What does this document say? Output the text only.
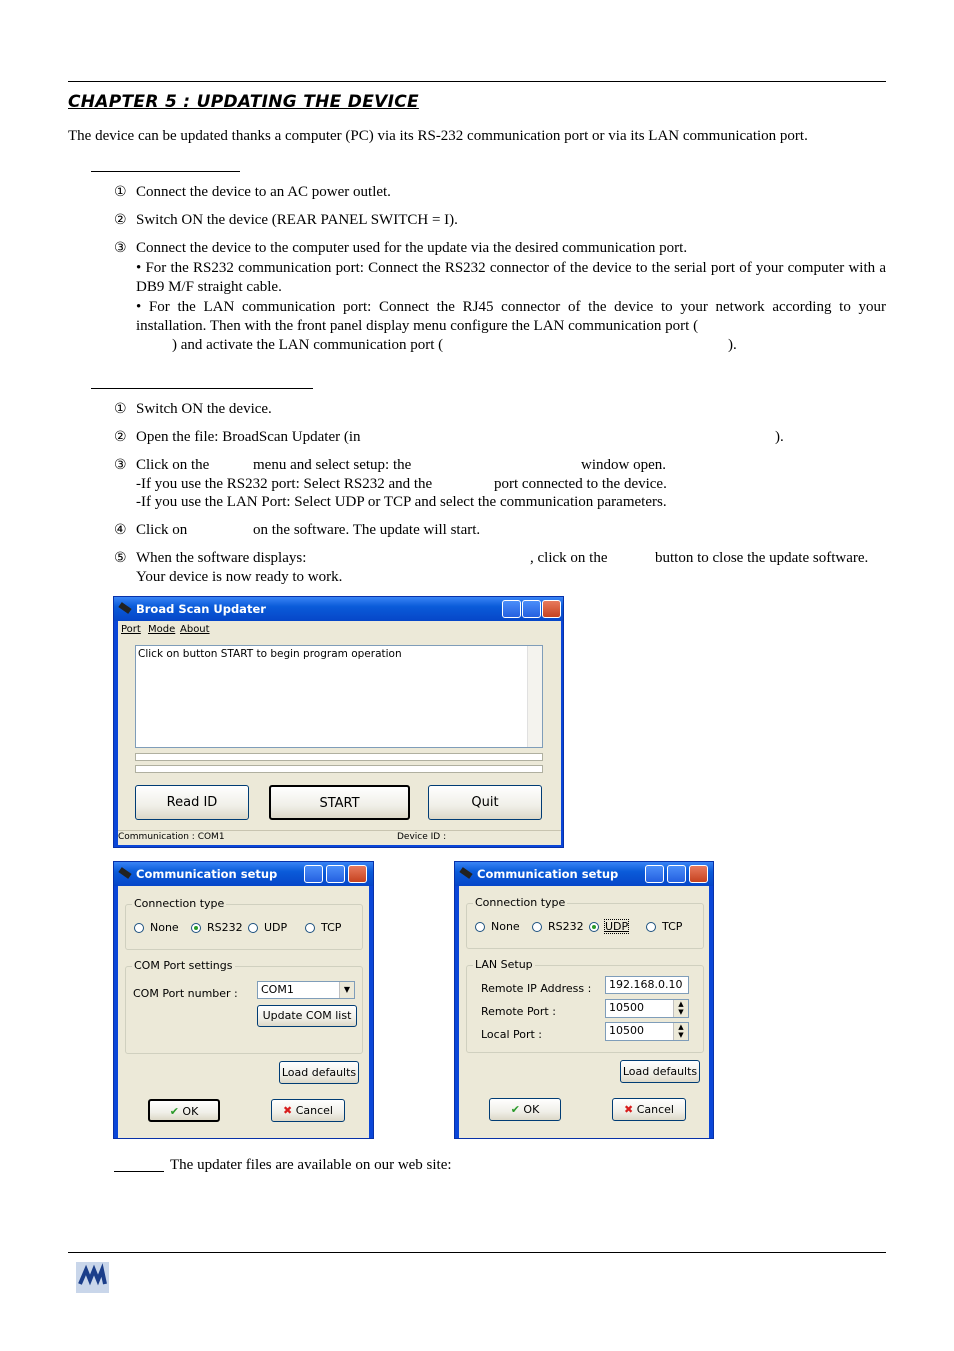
CHAPTER 5 : UPDATING THE DEVICE
The device can be updated thanks a computer (PC) via its RS-232 communication port or via its LAN communication port.
① Connect the device to an AC power outlet.
② Switch ON the device (REAR PANEL SWITCH = I).
③ Connect the device to the computer used for the update via the desired communication port.
• For the RS232 communication port: Connect the RS232 connector of the device to the serial port of your computer with a DB9 M/F straight cable.
• For the LAN communication port: Connect the RJ45 connector of the device to your network according to your installation. Then with the front panel display menu configure the LAN communication port (
) and activate the LAN communication port (	).
① Switch ON the device.
② Open the file: BroadScan Updater (in	).
③ Click on the	menu and select setup: the	window open.
-If you use the RS232 port: Select RS232 and the	port connected to the device.
-If you use the LAN Port: Select UDP or TCP and select the communication parameters.
④ Click on	on the software. The update will start.
⑤ When the software displays:	, click on the	button to close the update software.
Your device is now ready to work.
Broad Scan Updater
Port Mode About
Click on button START to begin program operation
Read ID	START	Quit
Communication : COM1	Device ID :
Communication setup
Connection type
None	RS232 UDP	TCP
COM Port settings
COM Port number :	COM1	▼
Update COM list
Load defaults
✔ OK	✖ Cancel
Communication setup
Connection type
None	RS232 UDP	TCP
LAN Setup
Remote IP Address :	192.168.0.10
Remote Port :	10500	▲
▼
Local Port :	10500	▲
▼
Load defaults
✔ OK	✖ Cancel
The updater files are available on our web site:
